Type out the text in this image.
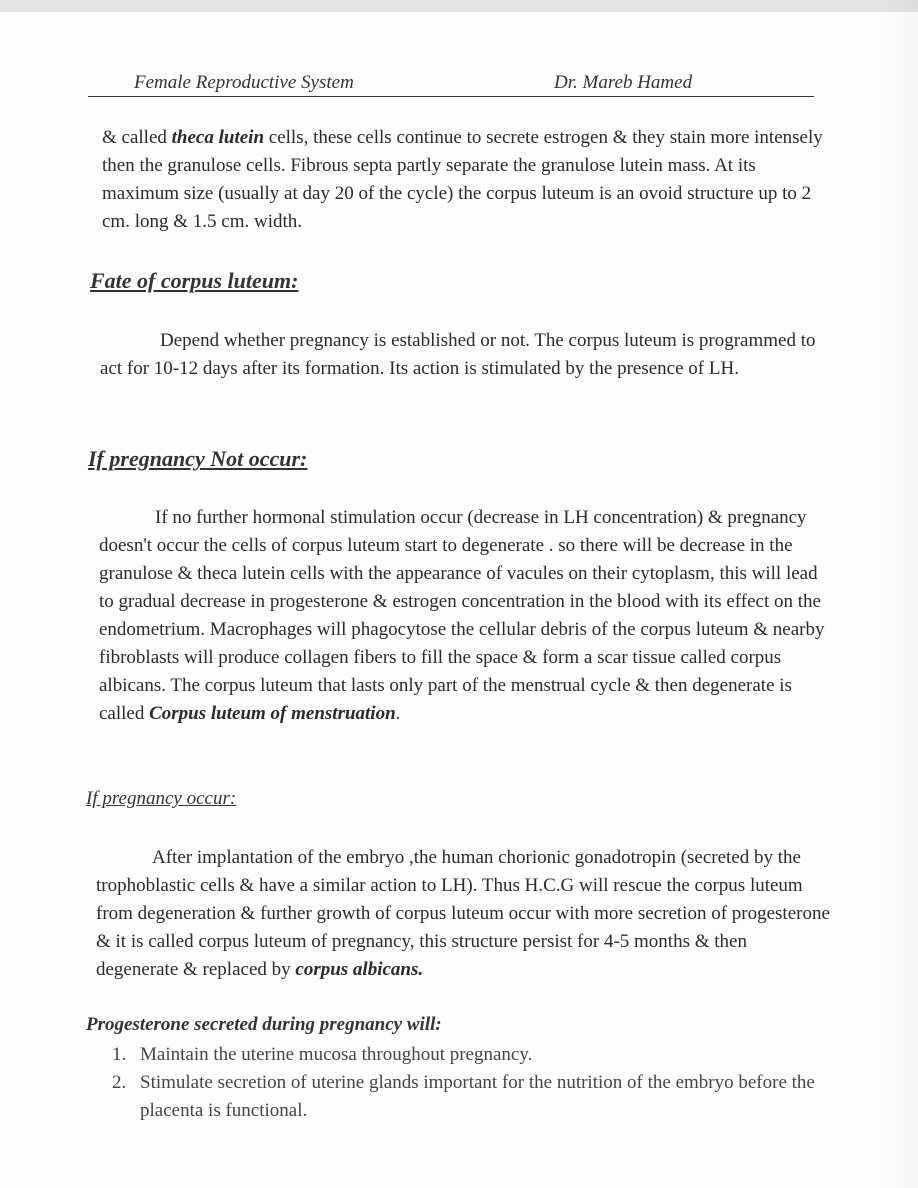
Female Reproductive System	Dr. Mareb Hamed

& called theca lutein cells, these cells continue to secrete estrogen & they stain more intensely then the granulose cells. Fibrous septa partly separate the granulose lutein mass. At its maximum size (usually at day 20 of the cycle) the corpus luteum is an ovoid structure up to 2 cm. long & 1.5 cm. width.

Fate of corpus luteum:

Depend whether pregnancy is established or not. The corpus luteum is programmed to act for 10-12 days after its formation. Its action is stimulated by the presence of LH.

If pregnancy Not occur:

If no further hormonal stimulation occur (decrease in LH concentration) & pregnancy doesn't occur the cells of corpus luteum start to degenerate . so there will be decrease in the granulose & theca lutein cells with the appearance of vacules on their cytoplasm, this will lead to gradual decrease in progesterone & estrogen concentration in the blood with its effect on the endometrium. Macrophages will phagocytose the cellular debris of the corpus luteum & nearby fibroblasts will produce collagen fibers to fill the space & form a scar tissue called corpus albicans. The corpus luteum that lasts only part of the menstrual cycle & then degenerate is called Corpus luteum of menstruation.

If pregnancy occur:

After implantation of the embryo ,the human chorionic gonadotropin (secreted by the trophoblastic cells & have a similar action to LH). Thus H.C.G will rescue the corpus luteum from degeneration & further growth of corpus luteum occur with more secretion of progesterone & it is called corpus luteum of pregnancy, this structure persist for 4-5 months & then degenerate & replaced by corpus albicans.

Progesterone secreted during pregnancy will:
1. Maintain the uterine mucosa throughout pregnancy.
2. Stimulate secretion of uterine glands important for the nutrition of the embryo before the placenta is functional.
